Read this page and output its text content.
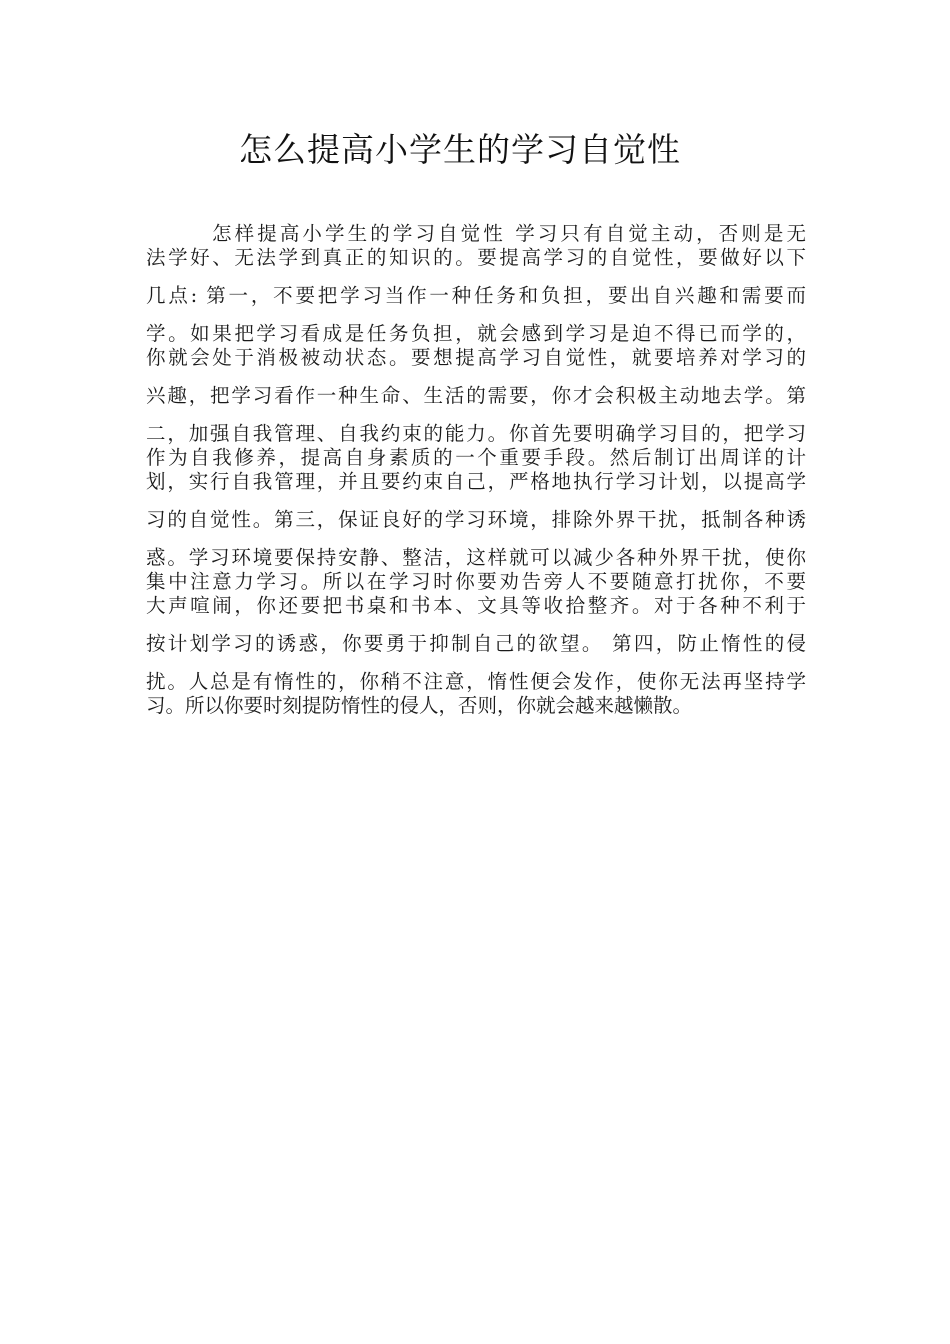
怎么提高小学生的学习自觉性
怎样提高小学生的学习自觉性 学习只有自觉主动，否则是无
法学好、无法学到真正的知识的。要提高学习的自觉性，要做好以下
几点: 第一，不要把学习当作一种任务和负担，要出自兴趣和需要而
学。如果把学习看成是任务负担，就会感到学习是迫不得已而学的，
你就会处于消极被动状态。要想提高学习自觉性，就要培养对学习的
兴趣，把学习看作一种生命、生活的需要，你才会积极主动地去学。第
二，加强自我管理、自我约束的能力。你首先要明确学习目的，把学习
作为自我修养，提高自身素质的一个重要手段。然后制订出周详的计
划，实行自我管理，并且要约束自己，严格地执行学习计划，以提高学
习的自觉性。第三，保证良好的学习环境，排除外界干扰，抵制各种诱
惑。学习环境要保持安静、整洁，这样就可以减少各种外界干扰，使你
集中注意力学习。所以在学习时你要劝告旁人不要随意打扰你，不要
大声喧闹，你还要把书桌和书本、文具等收拾整齐。对于各种不利于
按计划学习的诱惑，你要勇于抑制自己的欲望。 第四，防止惰性的侵
扰。人总是有惰性的，你稍不注意，惰性便会发作，使你无法再坚持学
习。所以你要时刻提防惰性的侵人，否则，你就会越来越懒散。
